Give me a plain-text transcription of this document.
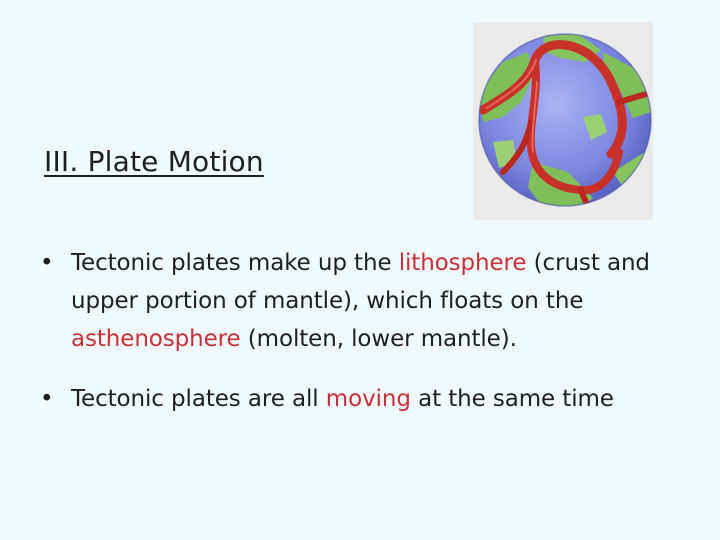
III. Plate Motion
• Tectonic plates make up the lithosphere (crust and upper portion of mantle), which floats on the asthenosphere (molten, lower mantle).
• Tectonic plates are all moving at the same time
